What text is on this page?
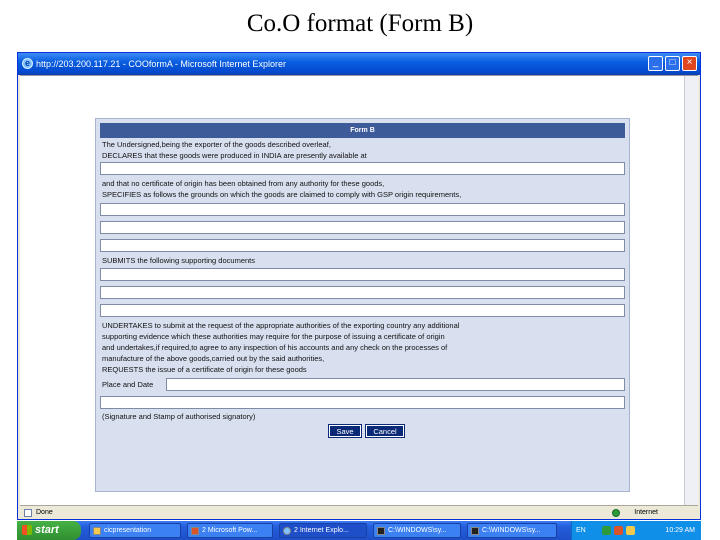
Co.O format (Form B)
e http://203.200.117.21 - COOformA - Microsoft Internet Explorer	_	□	×
Form B
The Undersigned,being the exporter of the goods described overleaf,
DECLARES that these goods were produced in INDIA are presently available at
and that no certificate of origin has been obtained from any authority for these goods,
SPECIFIES as follows the grounds on which the goods are claimed to comply with GSP origin requirements,
SUBMITS the following supporting documents
UNDERTAKES to submit at the request of the appropriate authorities of the exporting country any additional
supporting evidence which these authorities may require for the purpose of issuing a certificate of origin
and undertakes,if required,to agree to any inspection of his accounts and any check on the processes of
manufacture of the above goods,carried out by the said authorities,
REQUESTS the issue of a certificate of origin for these goods
Place and Date
(Signature and Stamp of authorised signatory)
Save	Cancel
Done	Internet
start	cicpresentation	2 Microsoft Pow...	2 Internet Explo...	C:\WINDOWS\sy...	C:\WINDOWS\sy...	EN	10:29 AM
